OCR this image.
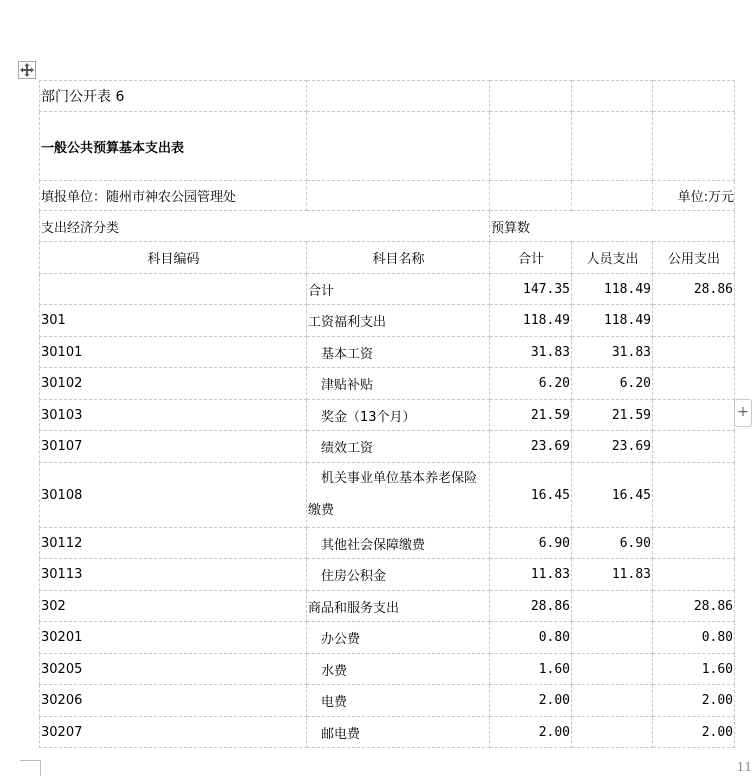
部门公开表 6				
一般公共预算基本支出表				
填报单位：随州市神农公园管理处				单位:万元
支出经济分类		预算数		
科目编码	科目名称	合计	人员支出	公用支出
	合计	147.35	118.49	28.86
301	工资福利支出	118.49	118.49	
30101	基本工资	31.83	31.83	
30102	津贴补贴	6.20	6.20	
30103	奖金（13个月）	21.59	21.59	
30107	绩效工资	23.69	23.69	
30108	机关事业单位基本养老保险缴费	16.45	16.45	
30112	其他社会保障缴费	6.90	6.90	
30113	住房公积金	11.83	11.83	
302	商品和服务支出	28.86		28.86
30201	办公费	0.80		0.80
30205	水费	1.60		1.60
30206	电费	2.00		2.00
30207	邮电费	2.00		2.00
+
11
